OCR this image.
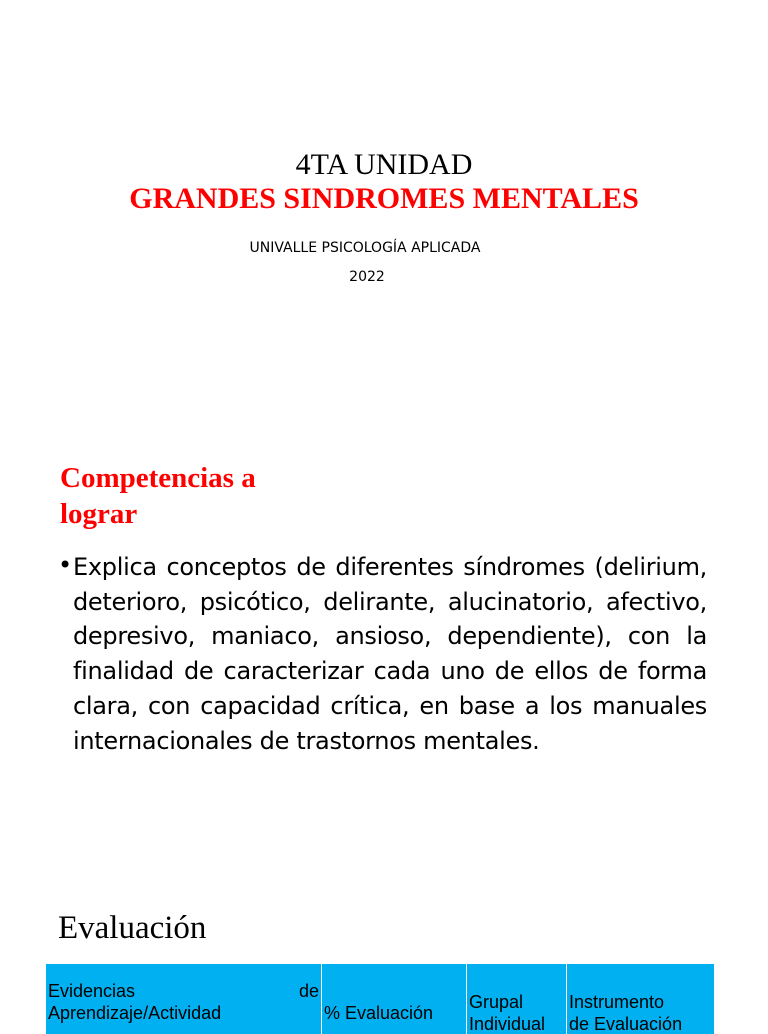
4TA UNIDAD
GRANDES SINDROMES MENTALES
UNIVALLE PSICOLOGÍA APLICADA
2022
Competencias a
lograr
• Explica conceptos de diferentes síndromes (delirium, deterioro, psicótico, delirante, alucinatorio, afectivo, depresivo, maniaco, ansioso, dependiente), con la finalidad de caracterizar cada uno de ellos de forma clara, con capacidad crítica, en base a los manuales internacionales de trastornos mentales.
Evaluación
Evidencias	de
Aprendizaje/Actividad	% Evaluación
Grupal
Individual
Instrumento
de Evaluación
